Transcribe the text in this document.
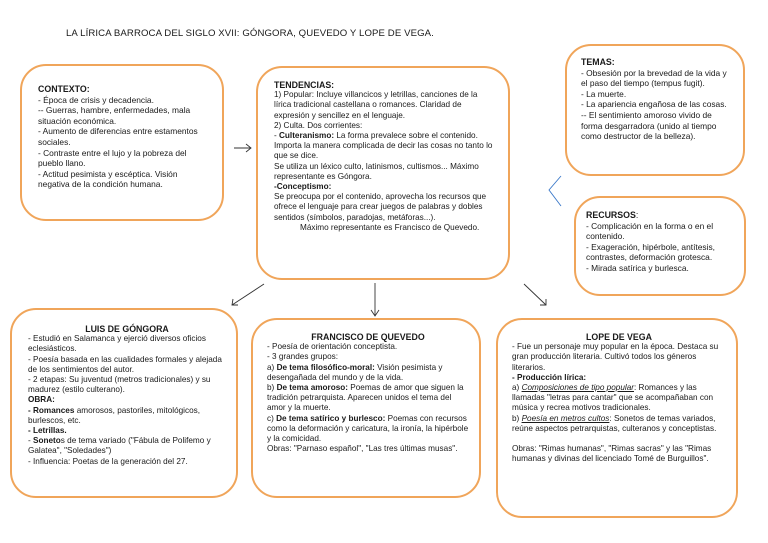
LA LÍRICA BARROCA DEL SIGLO XVII: GÓNGORA, QUEVEDO Y LOPE DE VEGA.

CONTEXTO:

- Época de crisis y decadencia.

-- Guerras, hambre, enfermedades, mala situación económica.

- Aumento de diferencias entre estamentos sociales.

- Contraste entre el lujo y la pobreza del pueblo llano.

- Actitud pesimista y escéptica. Visión negativa de la condición humana.

TENDENCIAS:

1) Popular: Incluye villancicos y letrillas, canciones de la lírica tradicional castellana o romances. Claridad de expresión y sencillez en el lenguaje.

2) Culta. Dos corrientes:

- Culteranismo: La forma prevalece sobre el contenido. Importa la manera complicada de decir las cosas no tanto lo que se dice.

Se utiliza un léxico culto, latinismos, cultismos... Máximo representante es Góngora.

-Conceptismo:

Se preocupa por el contenido, aprovecha los recursos que ofrece el lenguaje para crear juegos de palabras y dobles sentidos (símbolos, paradojas, metáforas...).

Máximo representante es Francisco de Quevedo.

TEMAS:

- Obsesión por la brevedad de la vida y el paso del tiempo (tempus fugit).

- La muerte.

- La apariencia engañosa de las cosas.

-- El sentimiento amoroso vivido de forma desgarradora (unido al tiempo como destructor de la belleza).

RECURSOS:

- Complicación en la forma o en el contenido.

- Exageración, hipérbole, antítesis, contrastes, deformación grotesca.

- Mirada satírica y burlesca.

LUIS DE GÓNGORA

- Estudió en Salamanca y ejerció diversos oficios eclesiásticos.

- Poesía basada en las cualidades formales y alejada de los sentimientos del autor.

- 2 etapas: Su juventud (metros tradicionales) y su madurez (estilo culterano).

OBRA:

- Romances amorosos, pastoriles, mitológicos, burlescos, etc.

- Letrillas.

- Sonetos de tema variado ("Fábula de Polifemo y Galatea", "Soledades")

- Influencia: Poetas de la generación del 27.

FRANCISCO DE QUEVEDO

- Poesía de orientación conceptista.

- 3 grandes grupos:

a) De tema filosófico-moral: Visión pesimista y desengañada del mundo y de la vida.

b) De tema amoroso: Poemas de amor que siguen la tradición petrarquista. Aparecen unidos el tema del amor y la muerte.

c) De tema satírico y burlesco: Poemas con recursos como la deformación y caricatura, la ironía, la hipérbole y la comicidad.

Obras: "Parnaso español", "Las tres últimas musas".

LOPE DE VEGA

- Fue un personaje muy popular en la época. Destaca su gran producción literaria. Cultivó todos los géneros literarios.

- Producción lírica:

a) Composiciones de tipo popular: Romances y las llamadas "letras para cantar" que se acompañaban con música y recrea motivos tradicionales.

b) Poesía en metros cultos: Sonetos de temas variados, reúne aspectos petrarquistas, culteranos y conceptistas.

Obras: "Rimas humanas", "Rimas sacras" y las "Rimas humanas y divinas del licenciado Tomé de Burguillos".
